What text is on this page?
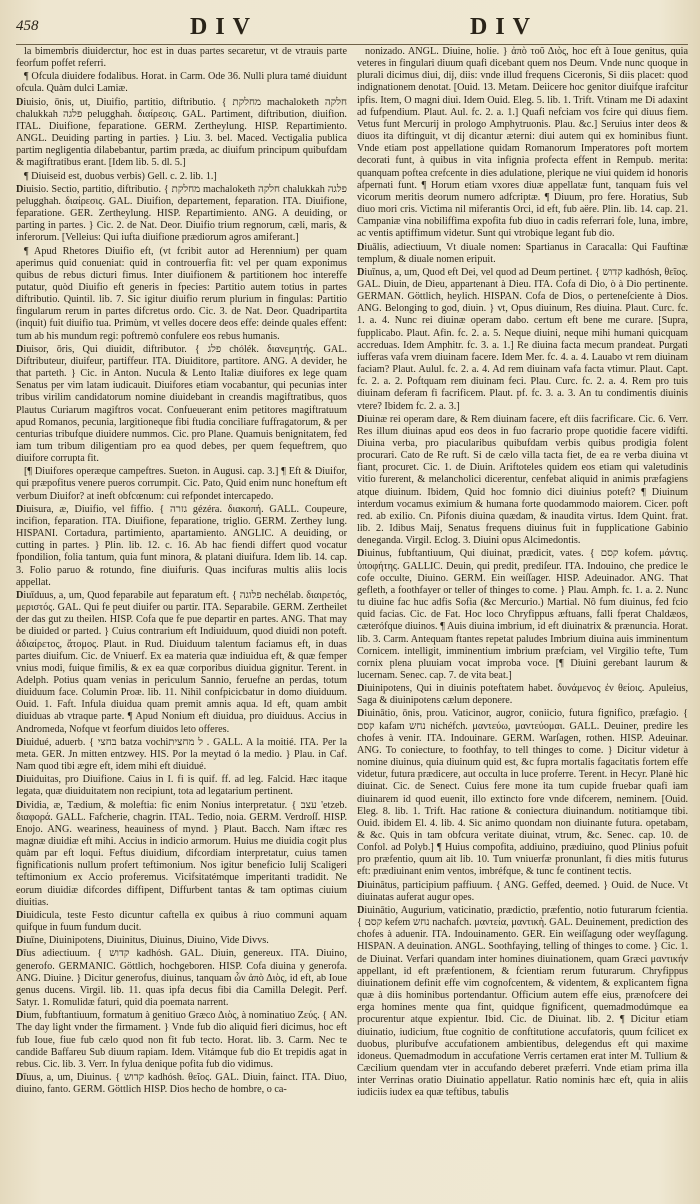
458	DIV	DIV

la bimembris diuiderctur, hoc est in duas partes secaretur, vt de vtrauis parte feorfum poffet referri.

¶ Ofcula diuidere fodalibus. Horat. in Carm. Ode 36. Nulli plura tamé diuidunt ofcula. Quàm dulci Lamiæ.

Diuisio, ōnis, ut, Diuifio, partitio, diftributio. { מחלקת machaloketh חלקה chalukkah פלגה pelugghah. διαίρεσις. GAL. Partiment, diftribution, diuifion. ITAL. Diuifione, feparatione. GERM. Zertheylung. HISP. Repartimiento. ANGL. Deuiding parting in parties. } Liu. 3. bel. Maced. Vectigalia publica partim negligentia dilabebantur, partim præda, ac diuifum principum quibufdam & magiftratibus erant. [Idem lib. 5. dl. 5.]

¶ Diuiseid est, duobus verbis) Gell. c. 2. lib. 1.]

Diuisio. Sectio, partitio, diftributio. { מחלקת machaloketh חלקה chalukkah פלגה pelugghah. διαίρεσις. GAL. Diuifion, departement, feparation. ITA. Diuifione, feparatione. GER. Zertheylung. HISP. Repartimiento. ANG. A deuiding, or parting in partes. } Cic. 2. de Nat. Deor. Diuifio trium regnorum, cæli, maris, & inferorum. [Velleius: Qui iufta diuifione prædiorum agros amiferant.]

¶ Apud Rhetores Diuifio eft, (vt fcribit autor ad Herennium) per quam aperimus quid conueniat: quid in controuerfia fit: vel per quam exponimus quibus de rebus dicturi fimus. Inter diuifionem & partitionem hoc intereffe putatur, quòd Diuifio eft generis in fpecies: Partitio autem totius in partes diftributio. Quintil. lib. 7. Sic igitur diuifio rerum plurium in fingulas: Partitio fingularum rerum in partes difcretus ordo. Cic. 3. de Nat. Deor. Quadripartita (inquit) fuit diuifio tua. Primùm, vt velles docere deos effe: deinde quales effent: tum ab his mundum regi: poftremò confulere eos rebus humanis.

Diuisor, ōris, Qui diuidit, diftributor. { פלג chólék. διανεμητής. GAL. Diftributeur, diuifeur, partiffeur. ITA. Diuiditore, partitore. ANG. A devider, he that parteth. } Cic. in Anton. Nucula & Lento Italiæ diuifores ex lege quam Senatus per vim latam iudicauit. Diuifores etiam vocabantur, qui pecunias inter tribus virilim candidatorum nomine diuidebant in creandis magiftratibus, quos Plautus Curiarum magiftros vocat. Confueuerant enim petitores magiftratuum apud Romanos, pecunia, largitioneque fibi ftudia conciliare fuffragatorum, & per centurias tribufque diuidere nummos. Cic. pro Plane. Quamuis benignitatem, fed iam tum tribum diligentiam pro ea quod debes, per quem fequeftrem, quo diuifore corrupta fit.

[¶ Diuifores operæque campeftres. Sueton. in Augusi. cap. 3.] ¶ Eft & Diuifor, qui præpofitus venere pueros corrumpit. Cic. Pato, Quid enim nunc honeftum eft verbum Diuifor? at ineft obfcœnum: cui refpondet intercapedo.

Diuisura, æ, Diuifio, vel fiffio. { גזרה gézéra. διακοπή. GALL. Coupeure, incifion, feparation. ITA. Diuifione, feparatione, triglio. GERM. Zerthey lung. HISPANI. Cortadura, partimiento, apartamiento. ANGLIC. A deuiding, or cutting in partes. } Plin. lib. 12. c. 16. Ab hac fiendi differt quod vocatur fpondilion, folia tantum, quia funt minora, & platani diuifura. Idem lib. 14. cap. 3. Folio paruo & rotundo, fine diuifuris. Quas incifuras multis aliis locis appellat.

Diuīduus, a, um, Quod feparabile aut feparatum eft. { פלוגה nechélab. διαιρετός, μεριστός. GAL. Qui fe peut diuifer ou partir. ITA. Separabile. GERM. Zertheilet der das gut zu theilen. HISP. Cofa que fe pue departir en partes. ANG. That may be diuided or parted. } Cuius contrarium eft Indiuiduum, quod diuidi non poteft. ἀδιαίρετος, ἄτομος. Plaut. in Rud. Diuiduum talentum faciamus eft, in duas partes diuifum. Cic. de Vniuerf. Ex ea materia quæ indiuidua eft, & quæ femper vnius modi, fuique fimilis, & ex ea quæ corporibus diuidua gignitur. Terent. in Adelph. Potius quam venias in periculum Sannio, feruefne an perdas, totum diuiduum face. Columin Proæ. lib. 11. Nihil confpicicbatur in domo diuiduum. Ouid. 1. Faft. Infula diuidua quam premit amnis aqua. Id eft, quam ambit diuiduas ab vtraque parte. ¶ Apud Nonium eft diuidua, pro diuiduus. Accius in Andromeda, Nofque vt feorfum diuidos leto offeres.

Diuidué, aduerb. { בחצי batza vochiל מחצית . GALL. A la moitié. ITA. Per la meta. GER. Jn mitten entzwey. HIS. Por la meytad ó la medio. } Plau. in Caf. Nam quod tibi ægre eft, idem mihi eft diuidué.

Diuiduitas, pro Diuifione. Caius in I. fi is quif. ff. ad leg. Falcid. Hæc itaque legata, quæ diuiduitatem non recipiunt, tota ad legatarium pertinent.

Dividia, æ, Tædium, & moleftia: fic enim Nonius interpretatur. { עצב 'etzeb. διαφορά. GALL. Fafcherie, chagrin. ITAL. Tedio, noia. GERM. Verdroſſ. HISP. Enojo. ANG. weariness, heauiness of mynd. } Plaut. Bacch. Nam iftæc res magnæ diuidiæ eft mihi. Accius in indicio armorum. Huius me diuidia cogit plus quàm par eft loqui. Feftus diuidium, difcordiam interpretatur, cuius tamen fignificationis nullum profert teftimonium. Nos igitur beneficio Iulij Scaligeri teftimonium ex Accio proferemus. Vicifsitatémque imperitanti tradidit. Ne eorum diuidiæ difcordes diffipent, Diffurbent tantas & tam optimas ciuium diuitias.

Diuidicula, teste Festo dicuntur caftella ex quibus à riuo communi aquam quifque in fuum fundum ducit.

Diuīne, Diuinipotens, Diuinitus, Diuinus, Diuino, Vide Divvs.

Dīus adiectiuum. { קדוש kadhósh. GAL. Diuin, genereux. ITA. Diuino, generofo. GERMANIC. Göttlich, hochgeboren. HISP. Cofa diuina y generofa. ANG. Diuine. } Dicitur generofus, diuinus, tanquam ὧν ἀπὸ Διὸς, id eft, ab Ioue genus ducens. Virgil. lib. 11. quas ipfa decus fibi dia Camilla Delegit. Perf. Satyr. 1. Romulidæ faturi, quid dia poemata narrent.

Dium, fubftantiuum, formatum à genitiuo Græco Διὸς, à nominatiuo Ζεύς. { AN. The day light vnder the firmament. } Vnde fub dio aliquid fieri dicimus, hoc eft fub Ioue, fiue fub cælo quod non fit fub tecto. Horat. lib. 3. Carm. Nec te candide Baffareu Sub diuum rapiam. Idem. Vitámque fub dio Et trepidis agat in rebus. Cic. lib. 3. Verr. In fylua denique pofita fub dio vidimus.

Dīuus, a, um, Diuinus. { קדוש kadhósh. θεῖος. GAL. Diuin, fainct. ITA. Diuo, diuino, fanto. GERM. Göttlich HISP. Dios hecho de hombre, o ca-

nonizado. ANGL. Diuine, holie. } ἀπὸ τοῦ Διὸς, hoc eft à Ioue genitus, quia veteres in fingulari diuum quafi dicebant quem nos Deum. Vnde nunc quoque in plurali dicimus diui, dij, diis: vnde illud frequens Ciceronis, Si diis placet: quod indignationem denotat. [Ouid. 13. Metam. Deiicere hoc genitor diuifque irafcitur ipfis. Item, O magni diui. Idem Ouid. Eleg. 5. lib. 1. Trift. Vtinam me Di adaxint ad fufpendium. Plaut. Aul. fc. 2. a. 1.] Quafi nefciam vos fcire qui diuus fiem. Vetus funt Mercurij in prologo Amphytruonis. Plau. &c.] Seruius inter deos & diuos ita diftinguit, vt dij dicantur æterni: diui autem qui ex hominibus fiunt. Vnde etiam post appellatione quidam Romanorum Imperatores poft mortem decorati funt, à quibus in vita infignia profecta effent in Rempub. merita: quanquam poftea crefcente in dies adulatione, plerique ne viui quidem id honoris afpernati funt. ¶ Horum etiam vxores diuæ appellatæ funt, tanquam fuis vel vicorum meritis deorum numero adfcriptæ. ¶ Diuum, pro fere. Horatius, Sub diuo mori cris. Victima nil miferantis Orci, id eft, fub aëre. Plin. lib. 14. cap. 21. Campaniæ vina nobiliffima expofita fub diuo in cadis referrari fole, luna, imbre, ac ventis aptiffimum videtur. Sunt qui vtrobique legant fub dio.

Diuālis, adiectiuum, Vt diuale nomen: Spartianus in Caracalla: Qui Fauftinæ templum, & diuale nomen eripuit.

Diuīnus, a, um, Quod eft Dei, vel quod ad Deum pertinet. { קדוש kadhósh, θεῖος. GAL. Diuin, de Dieu, appartenant à Dieu. ITA. Cofa di Dio, ò à Dio pertinente. GERMAN. Göttlich, heylich. HISPAN. Cofa de Dios, o perteneſciente à Dios. ANG. Belonging to god, diuin. } vt, Opus diuinum, Res diuina. Plaut. Curc. fc. 1. a. 4. Nunc rei diuinæ operam dabo. certum eft bene me curare. [Supra, fupplicabo. Plaut. Afin. fc. 2. a. 5. Neque diuini, neque mihi humani quicquam accreduas. Idem Amphitr. fc. 3. a. 1.] Re diuina facta mecum prandeat. Purgati iufferas vafa vrem diuinam facere. Idem Mer. fc. 4. a. 4. Lauabo vt rem diuinam faciam? Plaut. Aulul. fc. 2. a. 4. Ad rem diuinam vafa facta vtimur. Plaut. Capt. fc. 2. a. 2. Poftquam rem diuinam feci. Plau. Curc. fc. 2. a. 4. Rem pro tuis diuinam deferam fi facrificem. Plaut. pf. fc. 3. a. 3. An tu condimentis diuinis vtere? Ibidem fc. 2. a. 3.]

Diuinæ rei operam dare, & Rem diuinam facere, eft diis facrificare. Cic. 6. Verr. Res illum diuinas apud eos deos in fuo facrario prope quotidie facere vidifti. Diuina verba, pro piacularibus quibufdam verbis quibus prodigia folent procurari. Cato de Re ruft. Si de cælo villa tacta fiet, de ea re verba diuina vt fiant, procuret. Cic. 1. de Diuin. Ariftoteles quidem eos etiam qui valetudinis vitio furerent, & melancholici dicerentur, cenfebat aliquid in animis præfagiens atque diuinum. Ibidem, Quid hoc fomnio dici diuinius poteft? ¶ Diuinum interdum vocamus eximium & humana forte quodammodo maiorem. Cicer. poft red. ab exilio. Cn. Pifonis diuina quædam, & inaudita virtus. Idem Quint. frat. lib. 2. Idibus Maij, Senatus frequens diuinus fuit in fupplicatione Gabinio deneganda. Virgil. Eclog. 3. Diuini opus Alcimedontis.

Diuinus, fubftantiuum, Qui diuinat, prædicit, vates. { קסם kofem. μάντις. ὑποφήτης. GALLIC. Deuin, qui predit, prediſeur. ITA. Indouino, che predice le cofe occulte, Diuino. GERM. Ein weiſſager. HISP. Adeuinador. ANG. That gefleth, a foothfayer or teller of thinges to come. } Plau. Amph. fc. 1. a. 2. Nunc tu diuine fac huc adfis Sofia (&c Mercurio.) Martial. Nô fum diuinus, fed fcio quid facias. Cic. de Fat. Hoc loco Chryfippus æftuans, falli fperat Chaldæos, cæterófque diuinos. ¶ Auis diuina imbrium, id eft diuinatrix & prænuncia. Horat. lib. 3. Carm. Antequam ftantes repetat paludes Imbrium diuina auis imminentum Cornicem. intelligit, imminentium imbrium præfciam, vel Virgilio tefte, Tum cornix plena pluuiam vocat improba voce. [¶ Diuini gerebant laurum & lucernam. Senec. cap. 7. de vita beat.]

Diuinipotens, Qui in diuinis poteftatem habet. δυνάμενος ἐν θείοις. Apuleius, Saga & diuinipotens cælum deponere.

Diuinātio, ōnis, prou. Vaticinor, augror, coniicio, futura fignifico, præfagio. { קסם kafam נחש nichéfch. μαντεύω, μαντεύομαι. GALL. Deuiner, predire les chofes à venir. ITA. Indouinare. GERM. Warſagen, rothen. HISP. Adeuinar. ANG. To coniecture, to foothfay, to tell thinges to come. } Dicitur videtur à nomine diuinus, quia diuinum quid est, &c fupra mortalis fagacitatis fortem effe videtur, futura prædicere, aut occulta in luce proferre. Terent. in Hecyr. Planè hic diuinat. Cic. de Senect. Cuius fere mone ita tum cupide fruebar quafi iam diuinarem id quod euenit, illo extincto fore vnde difcerem, neminem. [Ouid. Eleg. 8. lib. 1. Trift. Hac ratione & coniectura diuinandum. notitiamque tibi. Ouid. ibidem El. 4. lib. 4. Sic animo quondam non diuinante futura. opetabam, & &c. Quis in tam obfcura veritate diuinat, vtrum, &c. Senec. cap. 10. de Confol. ad Polyb.] ¶ Huius compofita, addiuino, prædiuino, quod Plinius pofuit pro præfentio, quum ait lib. 10. Tum vniuerfæ pronunlant, fi dies mitis futurus eft: prædiuinant enim ventos, imbréfque, & tunc fe continent tectis.

Diuinātus, participium paffiuum. { ANG. Geffed, deemed. } Ouid. de Nuce. Vt diuinatas auferat augur opes.

Diuinātio, Augurium, vaticinatio, prædictio, præfentio, notio futurarum fcientia. { קסם kefem נחש nachafch. μαντεία, μαντικὴ. GAL. Deuinement, prediction des chofes à aduenir. ITA. Indouinamento. GER. Ein weiſſagung oder weyſſagung. HISPAN. A deuination. ANGL. Soothfaying, telling of thinges to come. } Cic. 1. de Diuinat. Verfari quandam inter homines diuinationem, quam Græci μαντικήν appellant, id eft præfentionem, & fcientiam rerum futurarum. Chryfippus diuinationem definit effe vim cognofcentem, & videntem, & explicantem figna quæ à diis hominibus portendantur. Officium autem effe eius, prænofcere dei erga homines mente qua fint, quidque fignificent, quemadmodúmque ea procurentur atque expientur. Ibid. Cic. de Diuinat. lib. 2. ¶ Dicitur etiam diuinatio, iudicium, ftue cognitio de conftitutione accufatoris, quum fcilicet ex duobus, pluribufve accufationem ambientibus, delegendus eft qui maxime idoneus. Quemadmodum in accufatione Verris certamen erat inter M. Tullium & Cæcilium quendam vter in accufando deberet præferri. Vnde etiam prima illa inter Verrinas oratio Diuinatio appellatur. Ratio nominis hæc eft, quia in aliis iudiciis iudex ea quæ teftibus, tabulis
